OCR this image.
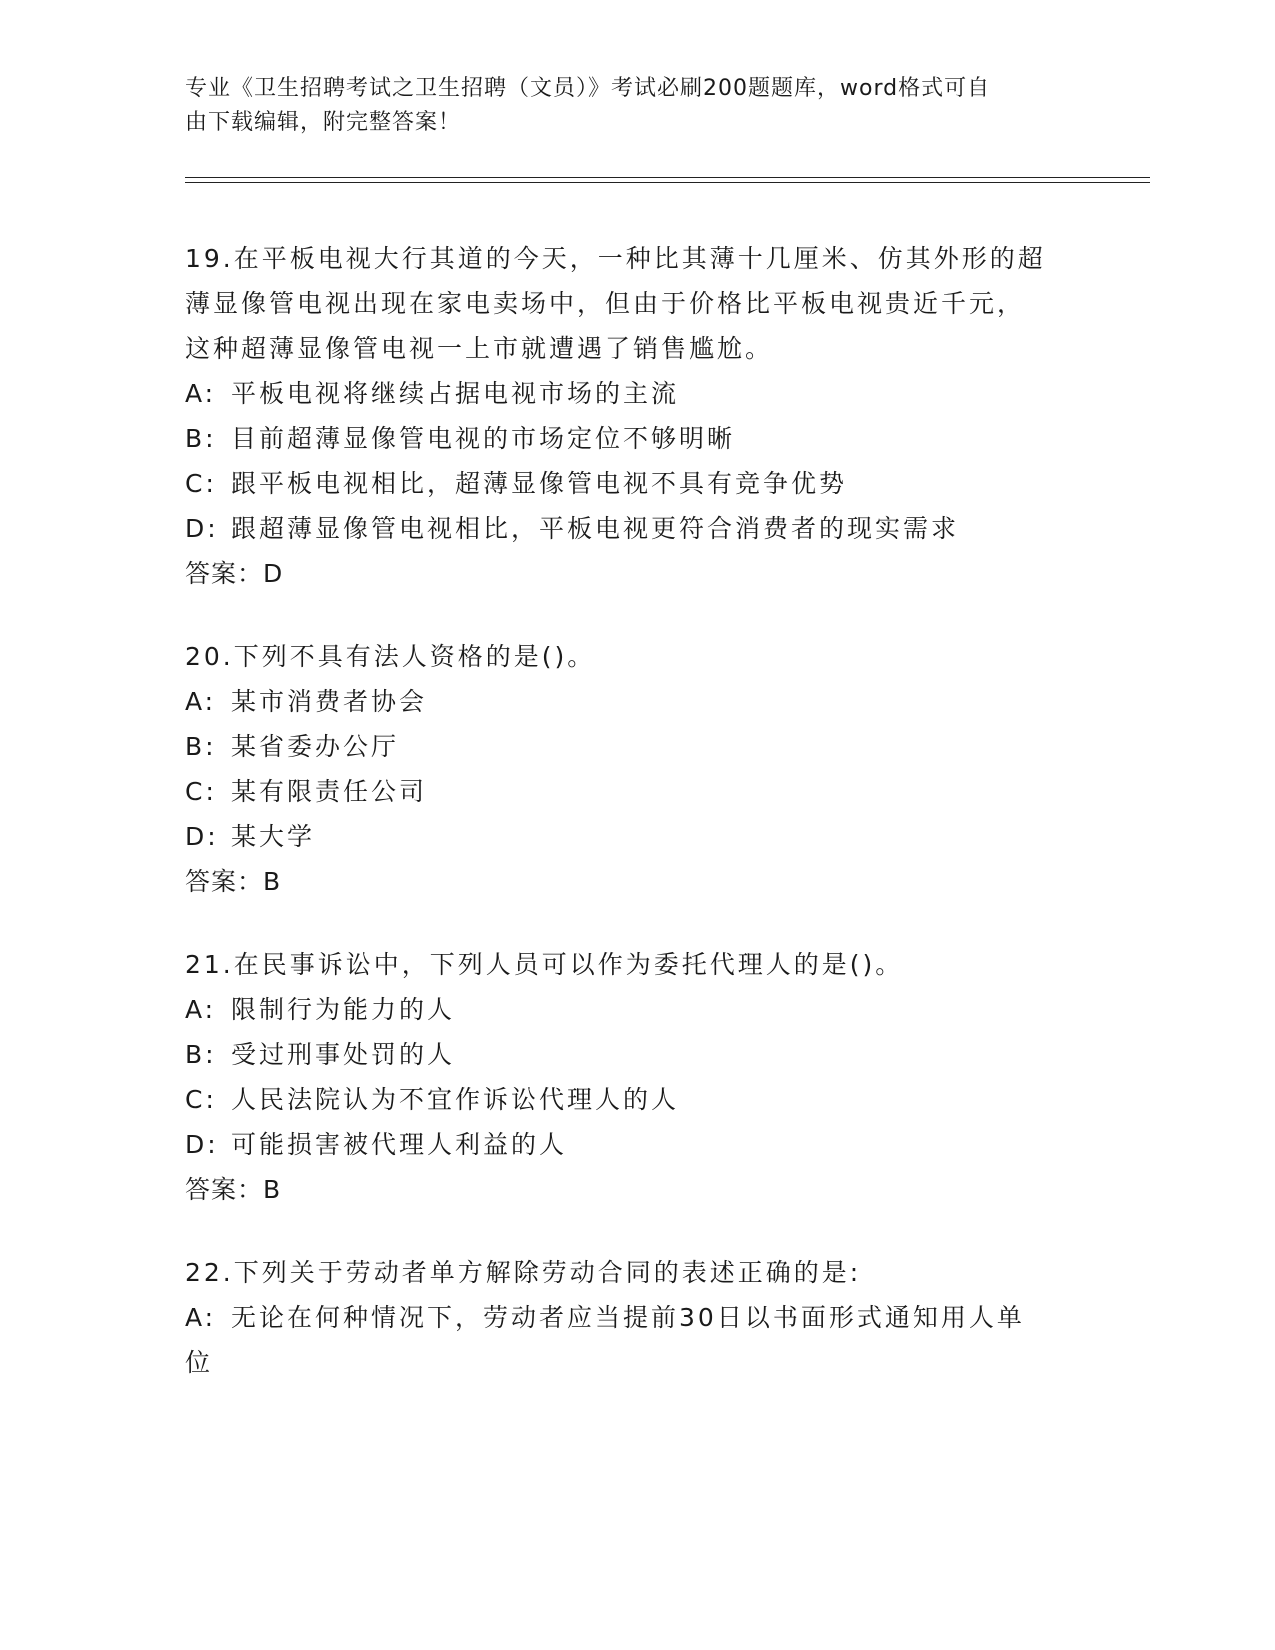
专业《卫生招聘考试之卫生招聘（文员）》考试必刷200题题库，word格式可自
由下载编辑，附完整答案！
19.在平板电视大行其道的今天，一种比其薄十几厘米、仿其外形的超
薄显像管电视出现在家电卖场中，但由于价格比平板电视贵近千元，
这种超薄显像管电视一上市就遭遇了销售尴尬。
A: 平板电视将继续占据电视市场的主流
B: 目前超薄显像管电视的市场定位不够明晰
C: 跟平板电视相比，超薄显像管电视不具有竞争优势
D: 跟超薄显像管电视相比，平板电视更符合消费者的现实需求
答案：D
20.下列不具有法人资格的是()。
A: 某市消费者协会
B: 某省委办公厅
C: 某有限责任公司
D: 某大学
答案：B
21.在民事诉讼中，下列人员可以作为委托代理人的是()。
A: 限制行为能力的人
B: 受过刑事处罚的人
C: 人民法院认为不宜作诉讼代理人的人
D: 可能损害被代理人利益的人
答案：B
22.下列关于劳动者单方解除劳动合同的表述正确的是:
A: 无论在何种情况下，劳动者应当提前30日以书面形式通知用人单
位
